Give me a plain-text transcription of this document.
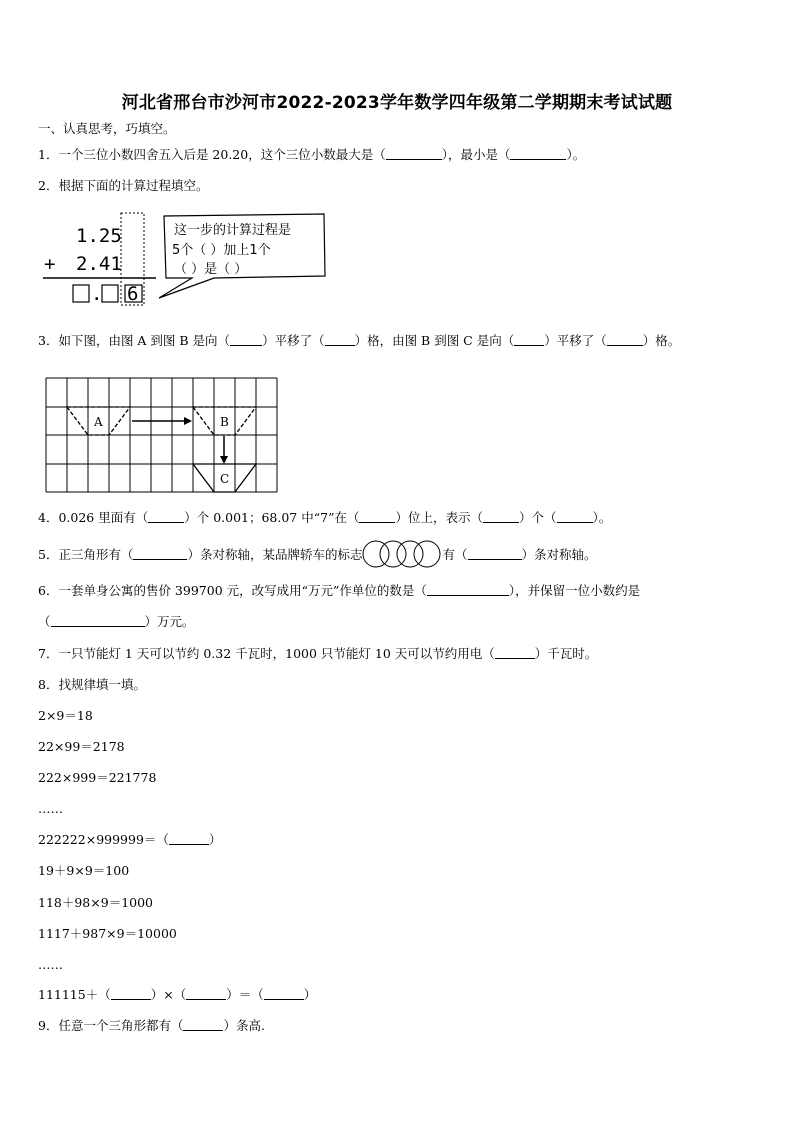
河北省邢台市沙河市2022-2023学年数学四年级第二学期期末考试试题
一、认真思考，巧填空。
1．一个三位小数四舍五入后是 20.20，这个三位小数最大是（	），最小是（	）。
2．根据下面的计算过程填空。
1.25
+ 2.41
. 6
这一步的计算过程是
5个（ ）加上1个
（ ）是（ ）
3．如下图，由图 A 到图 B 是向（	）平移了（ ）格，由图 B 到图 C 是向（ ）平移了（	）格。
A	B
C
4．0.026 里面有（	）个 0.001；68.07 中“7”在（	）位上，表示（	）个（	）。
5．正三角形有（	）条对称轴，某品牌轿车的标志	有（	）条对称轴。
6．一套单身公寓的售价 399700 元，改写成用“万元”作单位的数是（	），并保留一位小数约是
（	）万元。
7．一只节能灯 1 天可以节约 0.32 千瓦时，1000 只节能灯 10 天可以节约用电（	）千瓦时。
8．找规律填一填。
2×9＝18
22×99＝2178
222×999＝221778
……
222222×999999＝（	）
19＋9×9＝100
118＋98×9＝1000
1117＋987×9＝10000
……
111115＋（	）×（	）＝（	）
9．任意一个三角形都有（	）条高.
